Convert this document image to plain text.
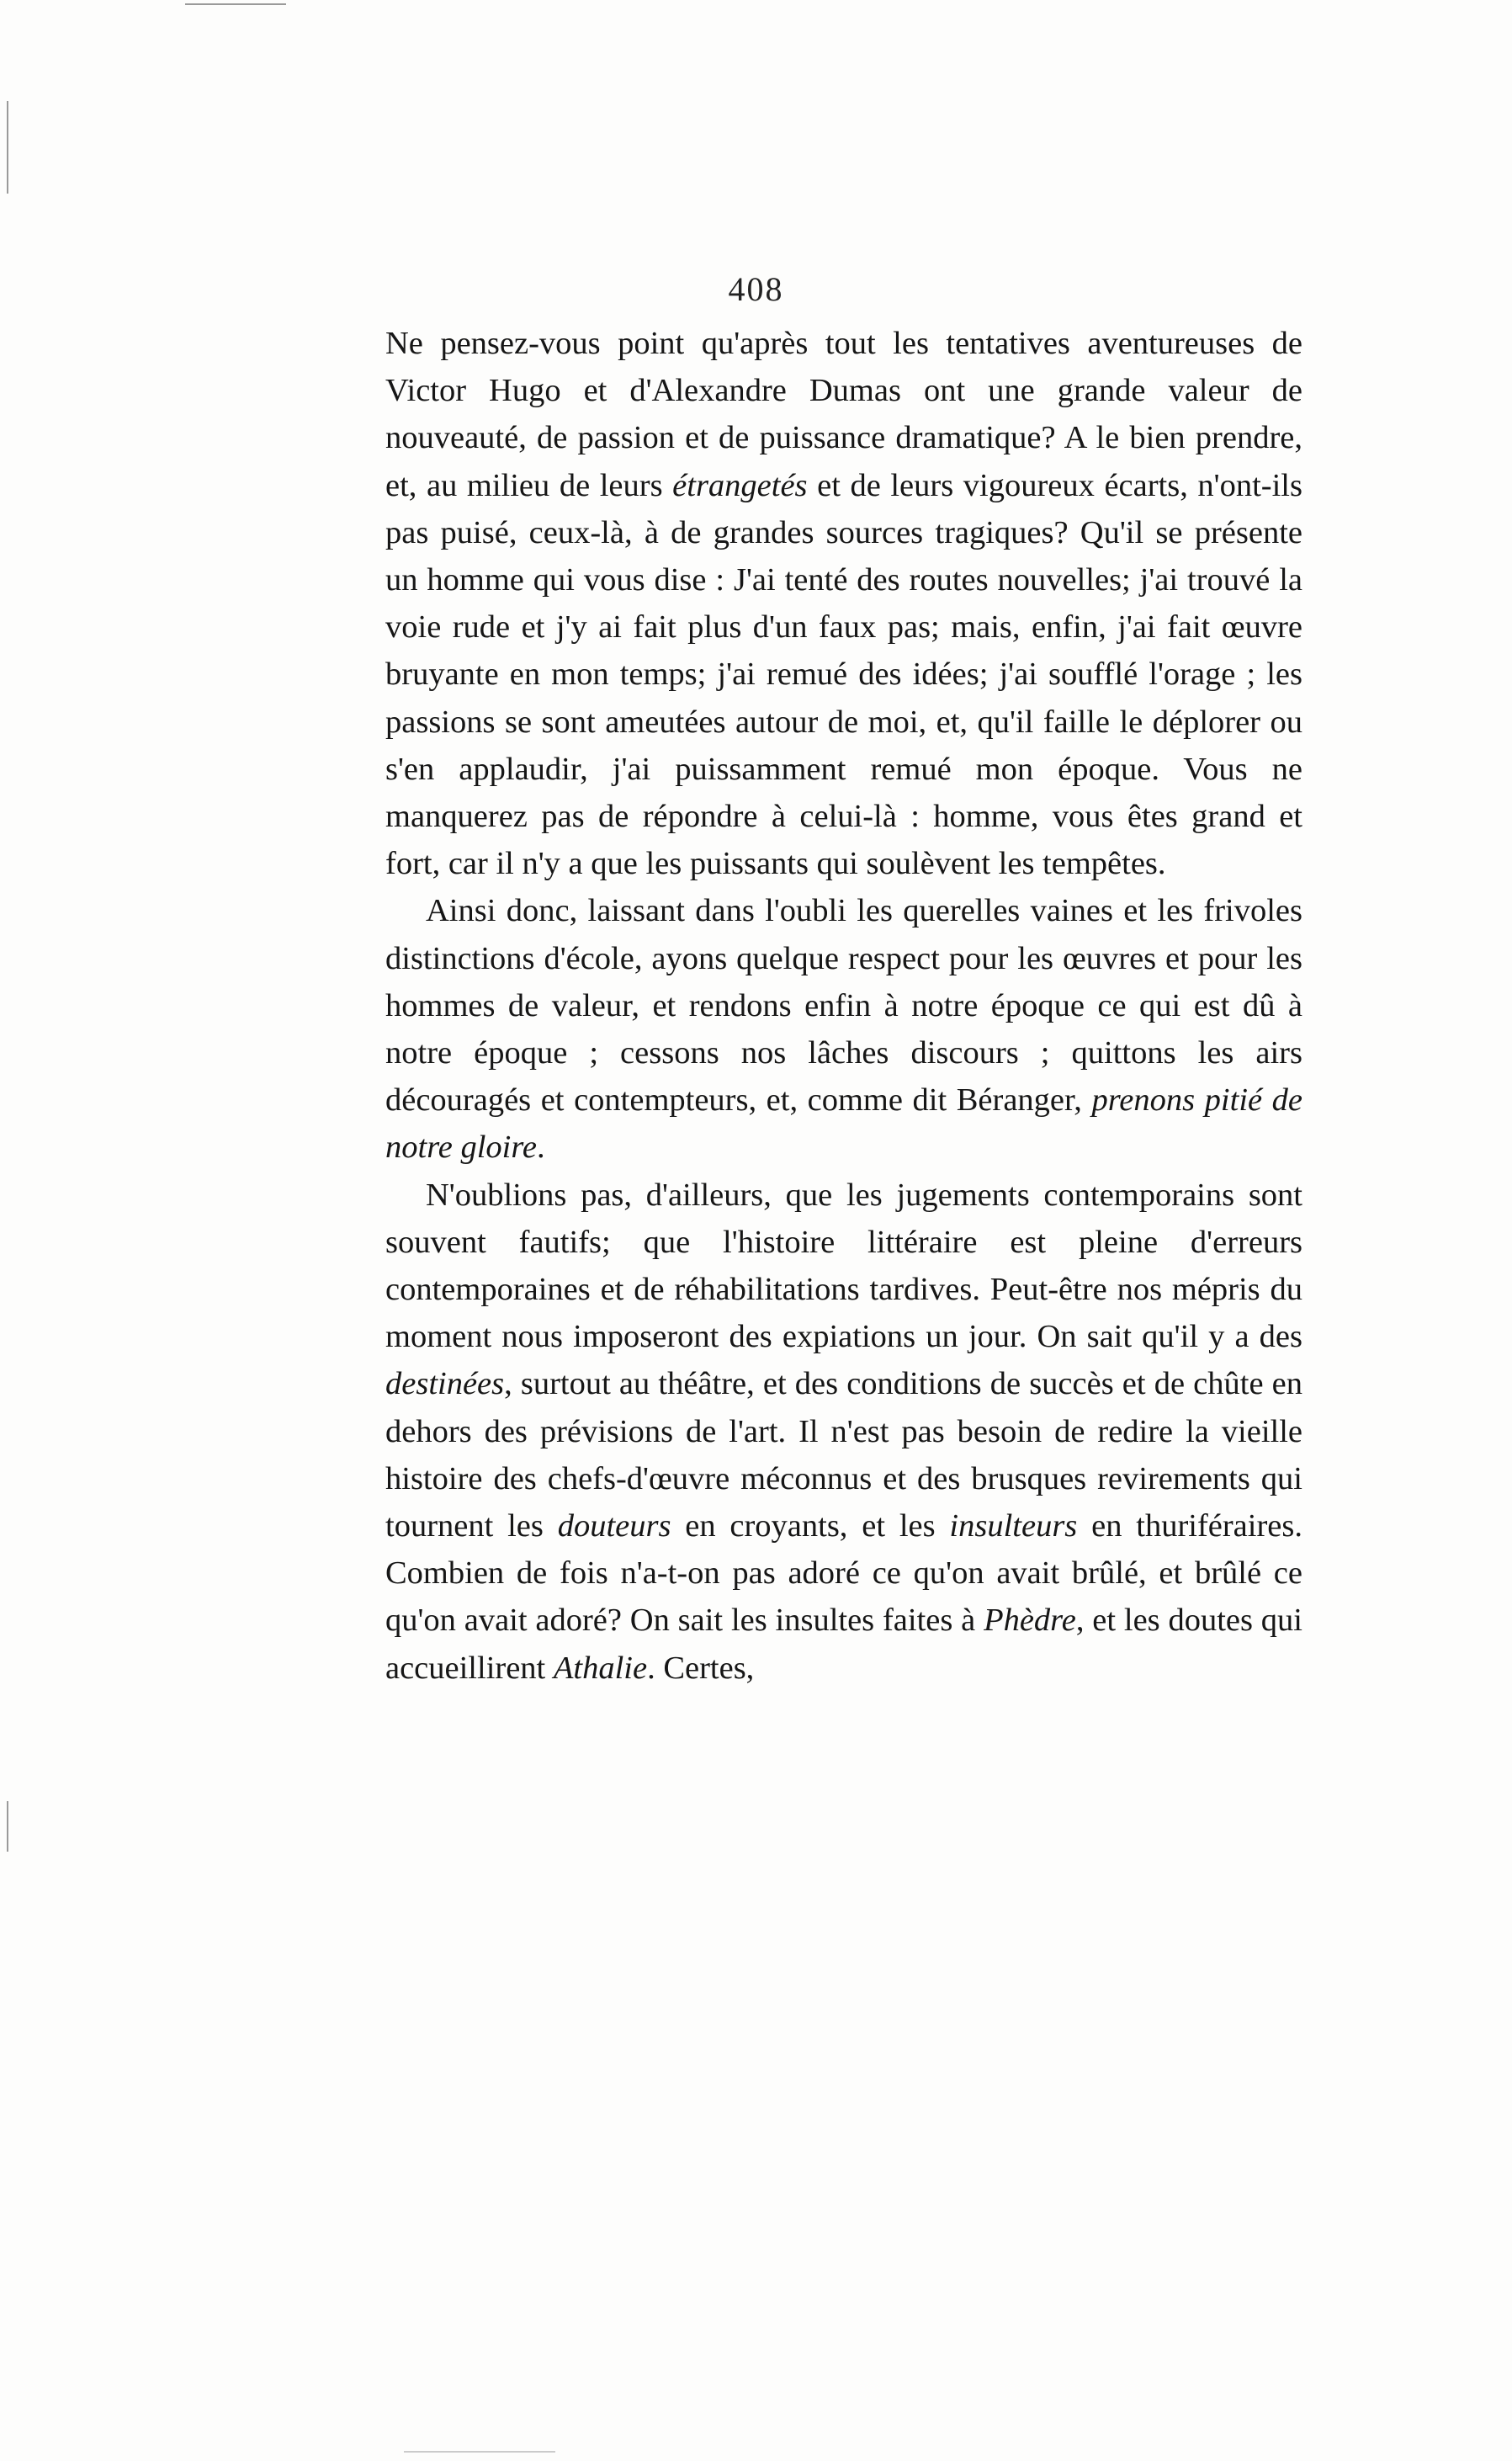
408

Ne pensez-vous point qu'après tout les tentatives aventureuses de Victor Hugo et d'Alexandre Dumas ont une grande valeur de nouveauté, de passion et de puissance dramatique? A le bien prendre, et, au milieu de leurs étrangetés et de leurs vigoureux écarts, n'ont-ils pas puisé, ceux-là, à de grandes sources tragiques? Qu'il se présente un homme qui vous dise : J'ai tenté des routes nouvelles; j'ai trouvé la voie rude et j'y ai fait plus d'un faux pas; mais, enfin, j'ai fait œuvre bruyante en mon temps; j'ai remué des idées; j'ai soufflé l'orage ; les passions se sont ameutées autour de moi, et, qu'il faille le déplorer ou s'en applaudir, j'ai puissamment remué mon époque. Vous ne manquerez pas de répondre à celui-là : homme, vous êtes grand et fort, car il n'y a que les puissants qui soulèvent les tempêtes.

Ainsi donc, laissant dans l'oubli les querelles vaines et les frivoles distinctions d'école, ayons quelque respect pour les œuvres et pour les hommes de valeur, et rendons enfin à notre époque ce qui est dû à notre époque ; cessons nos lâches discours ; quittons les airs découragés et contempteurs, et, comme dit Béranger, prenons pitié de notre gloire.

N'oublions pas, d'ailleurs, que les jugements contemporains sont souvent fautifs; que l'histoire littéraire est pleine d'erreurs contemporaines et de réhabilitations tardives. Peut-être nos mépris du moment nous imposeront des expiations un jour. On sait qu'il y a des destinées, surtout au théâtre, et des conditions de succès et de chûte en dehors des prévisions de l'art. Il n'est pas besoin de redire la vieille histoire des chefs-d'œuvre méconnus et des brusques revirements qui tournent les douteurs en croyants, et les insulteurs en thuriféraires. Combien de fois n'a-t-on pas adoré ce qu'on avait brûlé, et brûlé ce qu'on avait adoré? On sait les insultes faites à Phèdre, et les doutes qui accueillirent Athalie. Certes,
